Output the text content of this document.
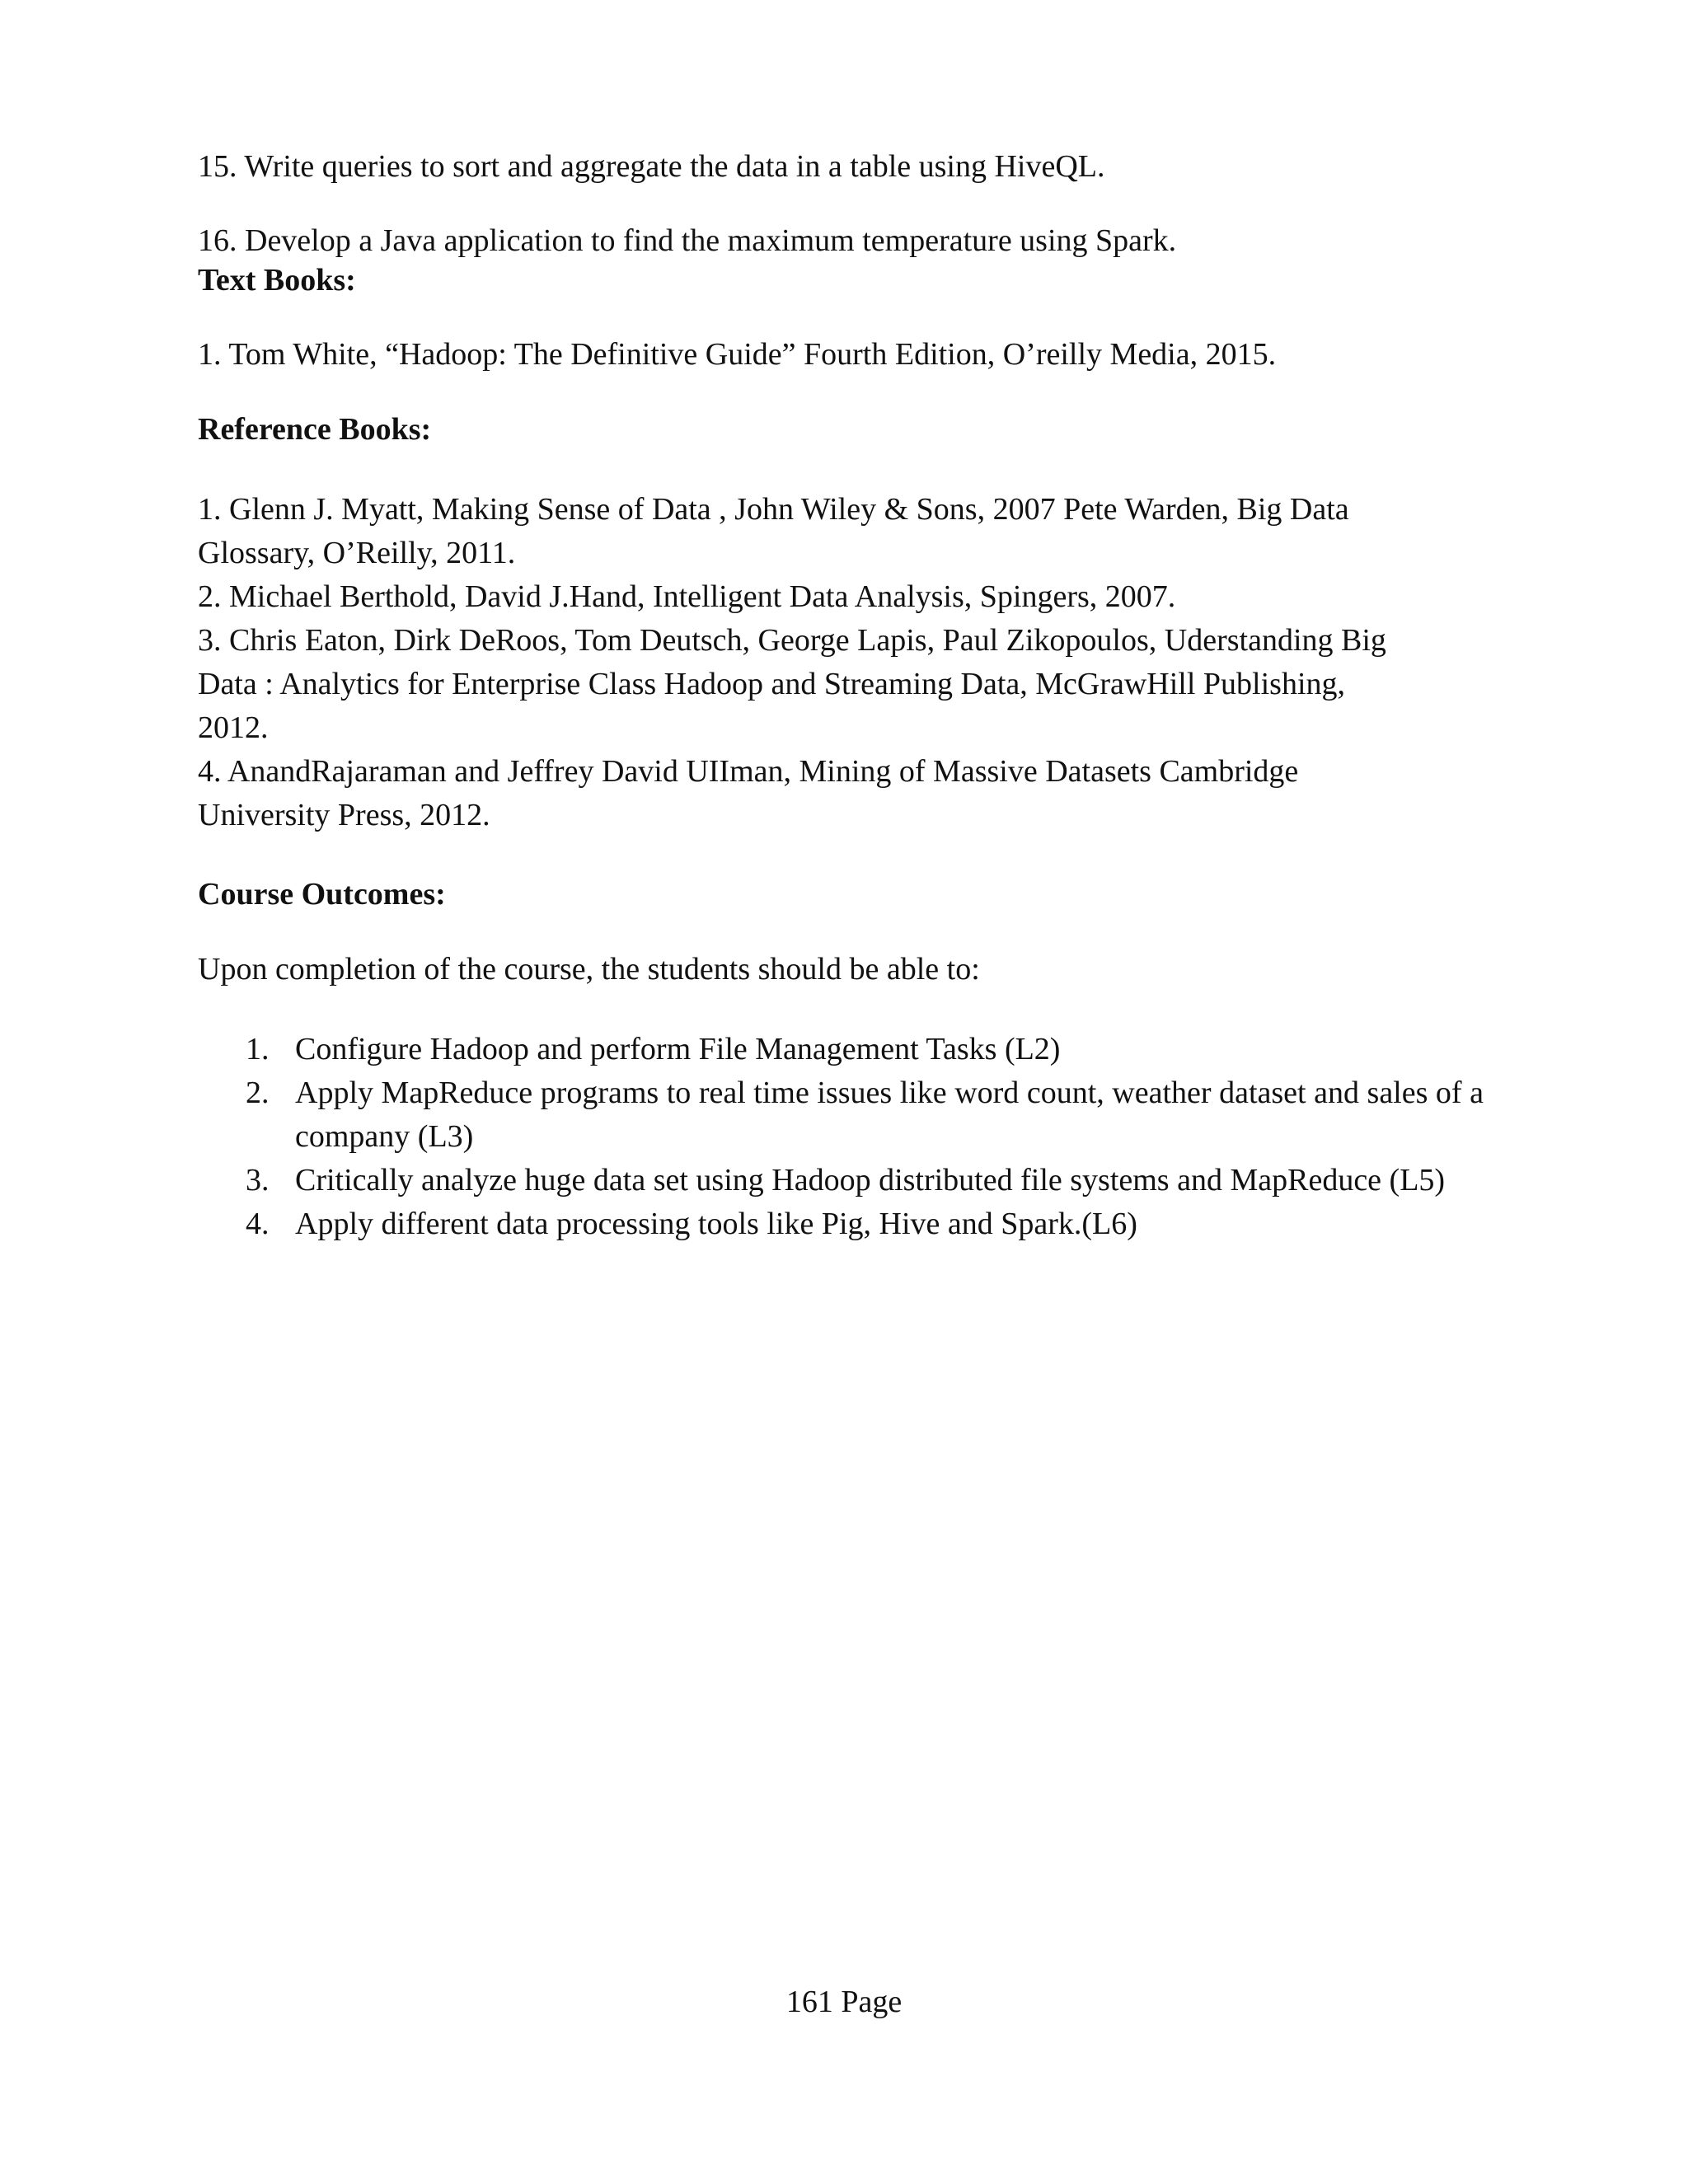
15. Write queries to sort and aggregate the data in a table using HiveQL.

16. Develop a Java application to find the maximum temperature using Spark.

Text Books:

1. Tom White, “Hadoop: The Definitive Guide” Fourth Edition, O’reilly Media, 2015.

Reference Books:

1. Glenn J. Myatt, Making Sense of Data , John Wiley & Sons, 2007 Pete Warden, Big Data
Glossary, O’Reilly, 2011.
2. Michael Berthold, David J.Hand, Intelligent Data Analysis, Spingers, 2007.
3. Chris Eaton, Dirk DeRoos, Tom Deutsch, George Lapis, Paul Zikopoulos, Uderstanding Big
Data : Analytics for Enterprise Class Hadoop and Streaming Data, McGrawHill Publishing,
2012.
4. AnandRajaraman and Jeffrey David UIIman, Mining of Massive Datasets Cambridge
University Press, 2012.

Course Outcomes:

Upon completion of the course, the students should be able to:

1. Configure Hadoop and perform File Management Tasks (L2)
2. Apply MapReduce programs to real time issues like word count, weather dataset and sales of a company (L3)
3. Critically analyze huge data set using Hadoop distributed file systems and MapReduce (L5)
4. Apply different data processing tools like Pig, Hive and Spark.(L6)
161 Page
